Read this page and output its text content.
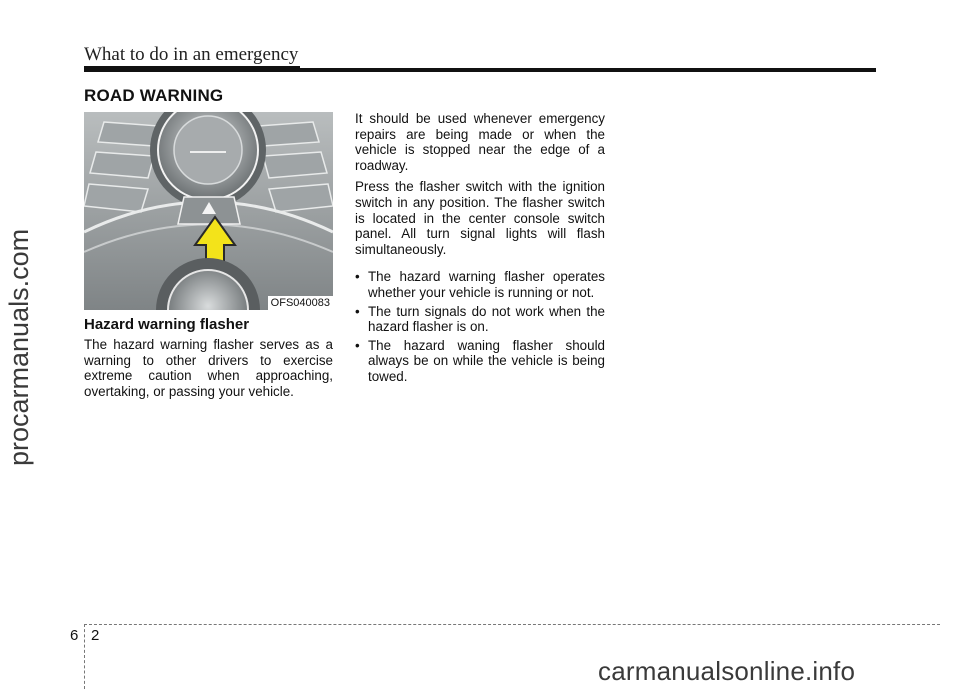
What to do in an emergency
ROAD WARNING
OFS040083
Hazard warning flasher
The hazard warning flasher serves as a warning to other drivers to exercise extreme caution when approaching, overtaking, or passing your vehicle.

It should be used whenever emergency repairs are being made or when the vehicle is stopped near the edge of a roadway.

Press the flasher switch with the ignition switch in any position. The flasher switch is located in the center console switch panel. All turn signal lights will flash simultaneously.

• The hazard warning flasher operates whether your vehicle is running or not.
• The turn signals do not work when the hazard flasher is on.
• The hazard waning flasher should always be on while the vehicle is being towed.
procarmanuals.com
6 2
carmanualsonline.info
